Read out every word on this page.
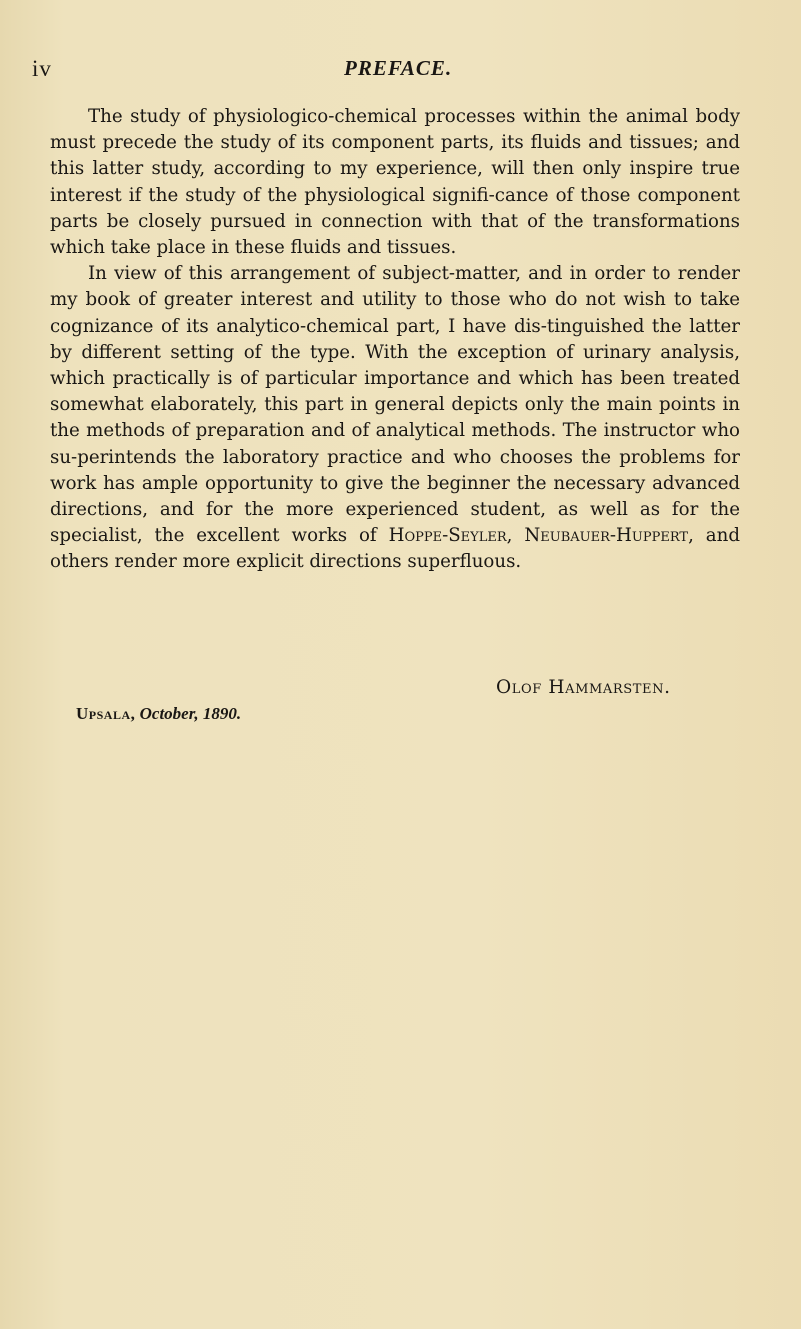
iv	PREFACE.

The study of physiologico-chemical processes within the animal body must precede the study of its component parts, its fluids and tissues; and this latter study, according to my experience, will then only inspire true interest if the study of the physiological signifi-cance of those component parts be closely pursued in connection with that of the transformations which take place in these fluids and tissues.

In view of this arrangement of subject-matter, and in order to render my book of greater interest and utility to those who do not wish to take cognizance of its analytico-chemical part, I have dis-tinguished the latter by different setting of the type. With the exception of urinary analysis, which practically is of particular importance and which has been treated somewhat elaborately, this part in general depicts only the main points in the methods of preparation and of analytical methods. The instructor who su-perintends the laboratory practice and who chooses the problems for work has ample opportunity to give the beginner the necessary advanced directions, and for the more experienced student, as well as for the specialist, the excellent works of Hoppe-Seyler, Neubauer-Huppert, and others render more explicit directions superfluous.

Olof Hammarsten.
Upsala, October, 1890.
